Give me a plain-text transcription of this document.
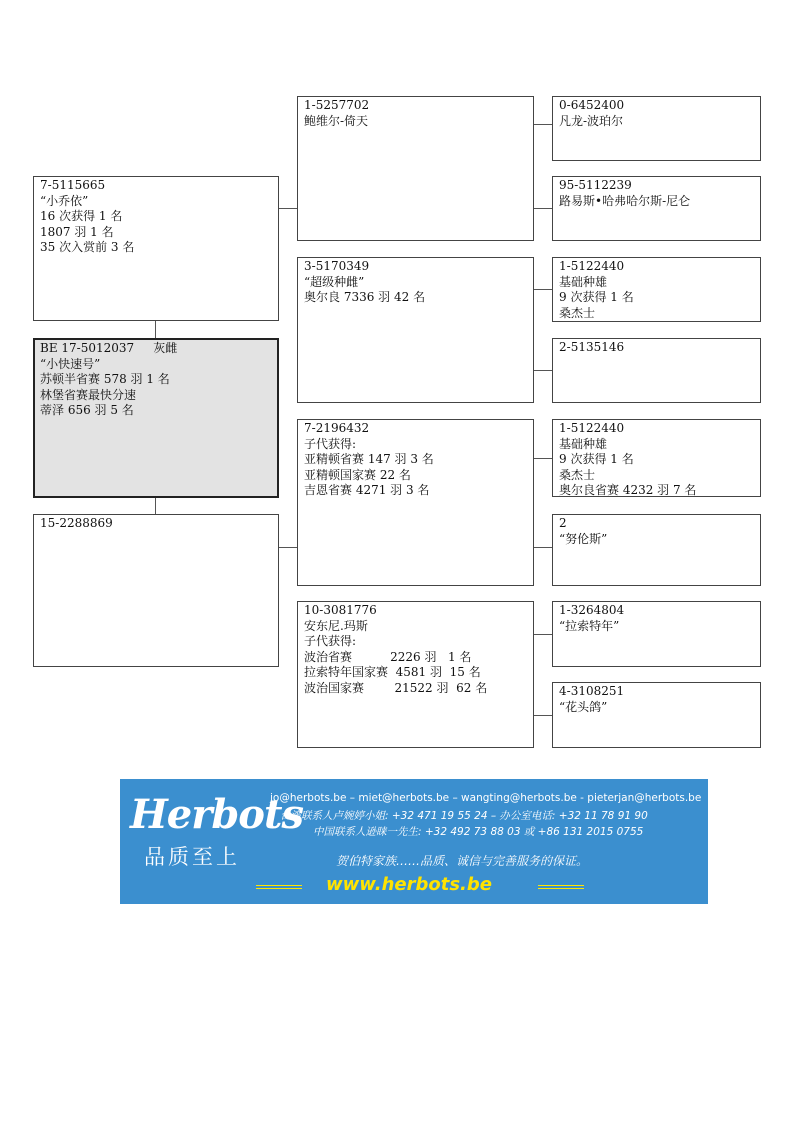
7-5115665
“小乔依”
16 次获得 1 名
1807 羽 1 名
35 次入赏前 3 名
BE 17-5012037     灰雌
“小快速号”
苏顿半省赛 578 羽 1 名
林堡省赛最快分速
蒂泽 656 羽 5 名
15-2288869
1-5257702
鲍维尔-倚天
3-5170349
“超级种雌”
奥尔良 7336 羽 42 名
7-2196432
子代获得:
亚精顿省赛 147 羽 3 名
亚精顿国家赛 22 名
吉恩省赛 4271 羽 3 名
10-3081776
安东尼.玛斯
子代获得:
波治省赛          2226 羽   1 名
拉索特年国家赛  4581 羽  15 名
波治国家赛        21522 羽  62 名
0-6452400
凡龙-波珀尔
95-5112239
路易斯•哈弗哈尔斯-尼仑
1-5122440
基础种雄
9 次获得 1 名
桑杰士
2-5135146
1-5122440
基础种雄
9 次获得 1 名
桑杰士
奥尔良省赛 4232 羽 7 名
2
“努伦斯”
1-3264804
“拉索特年”
4-3108251
“花头鸽”
Herbots
品质至上
jo@herbots.be – miet@herbots.be – wangting@herbots.be - pieterjan@herbots.be
台湾联系人卢婉婷小姐: +32 471 19 55 24 – 办公室电话: +32 11 78 91 90
中国联系人逊睐一先生: +32 492 73 88 03 或 +86 131 2015 0755
贺伯特家族……品质、诚信与完善服务的保证。
www.herbots.be
